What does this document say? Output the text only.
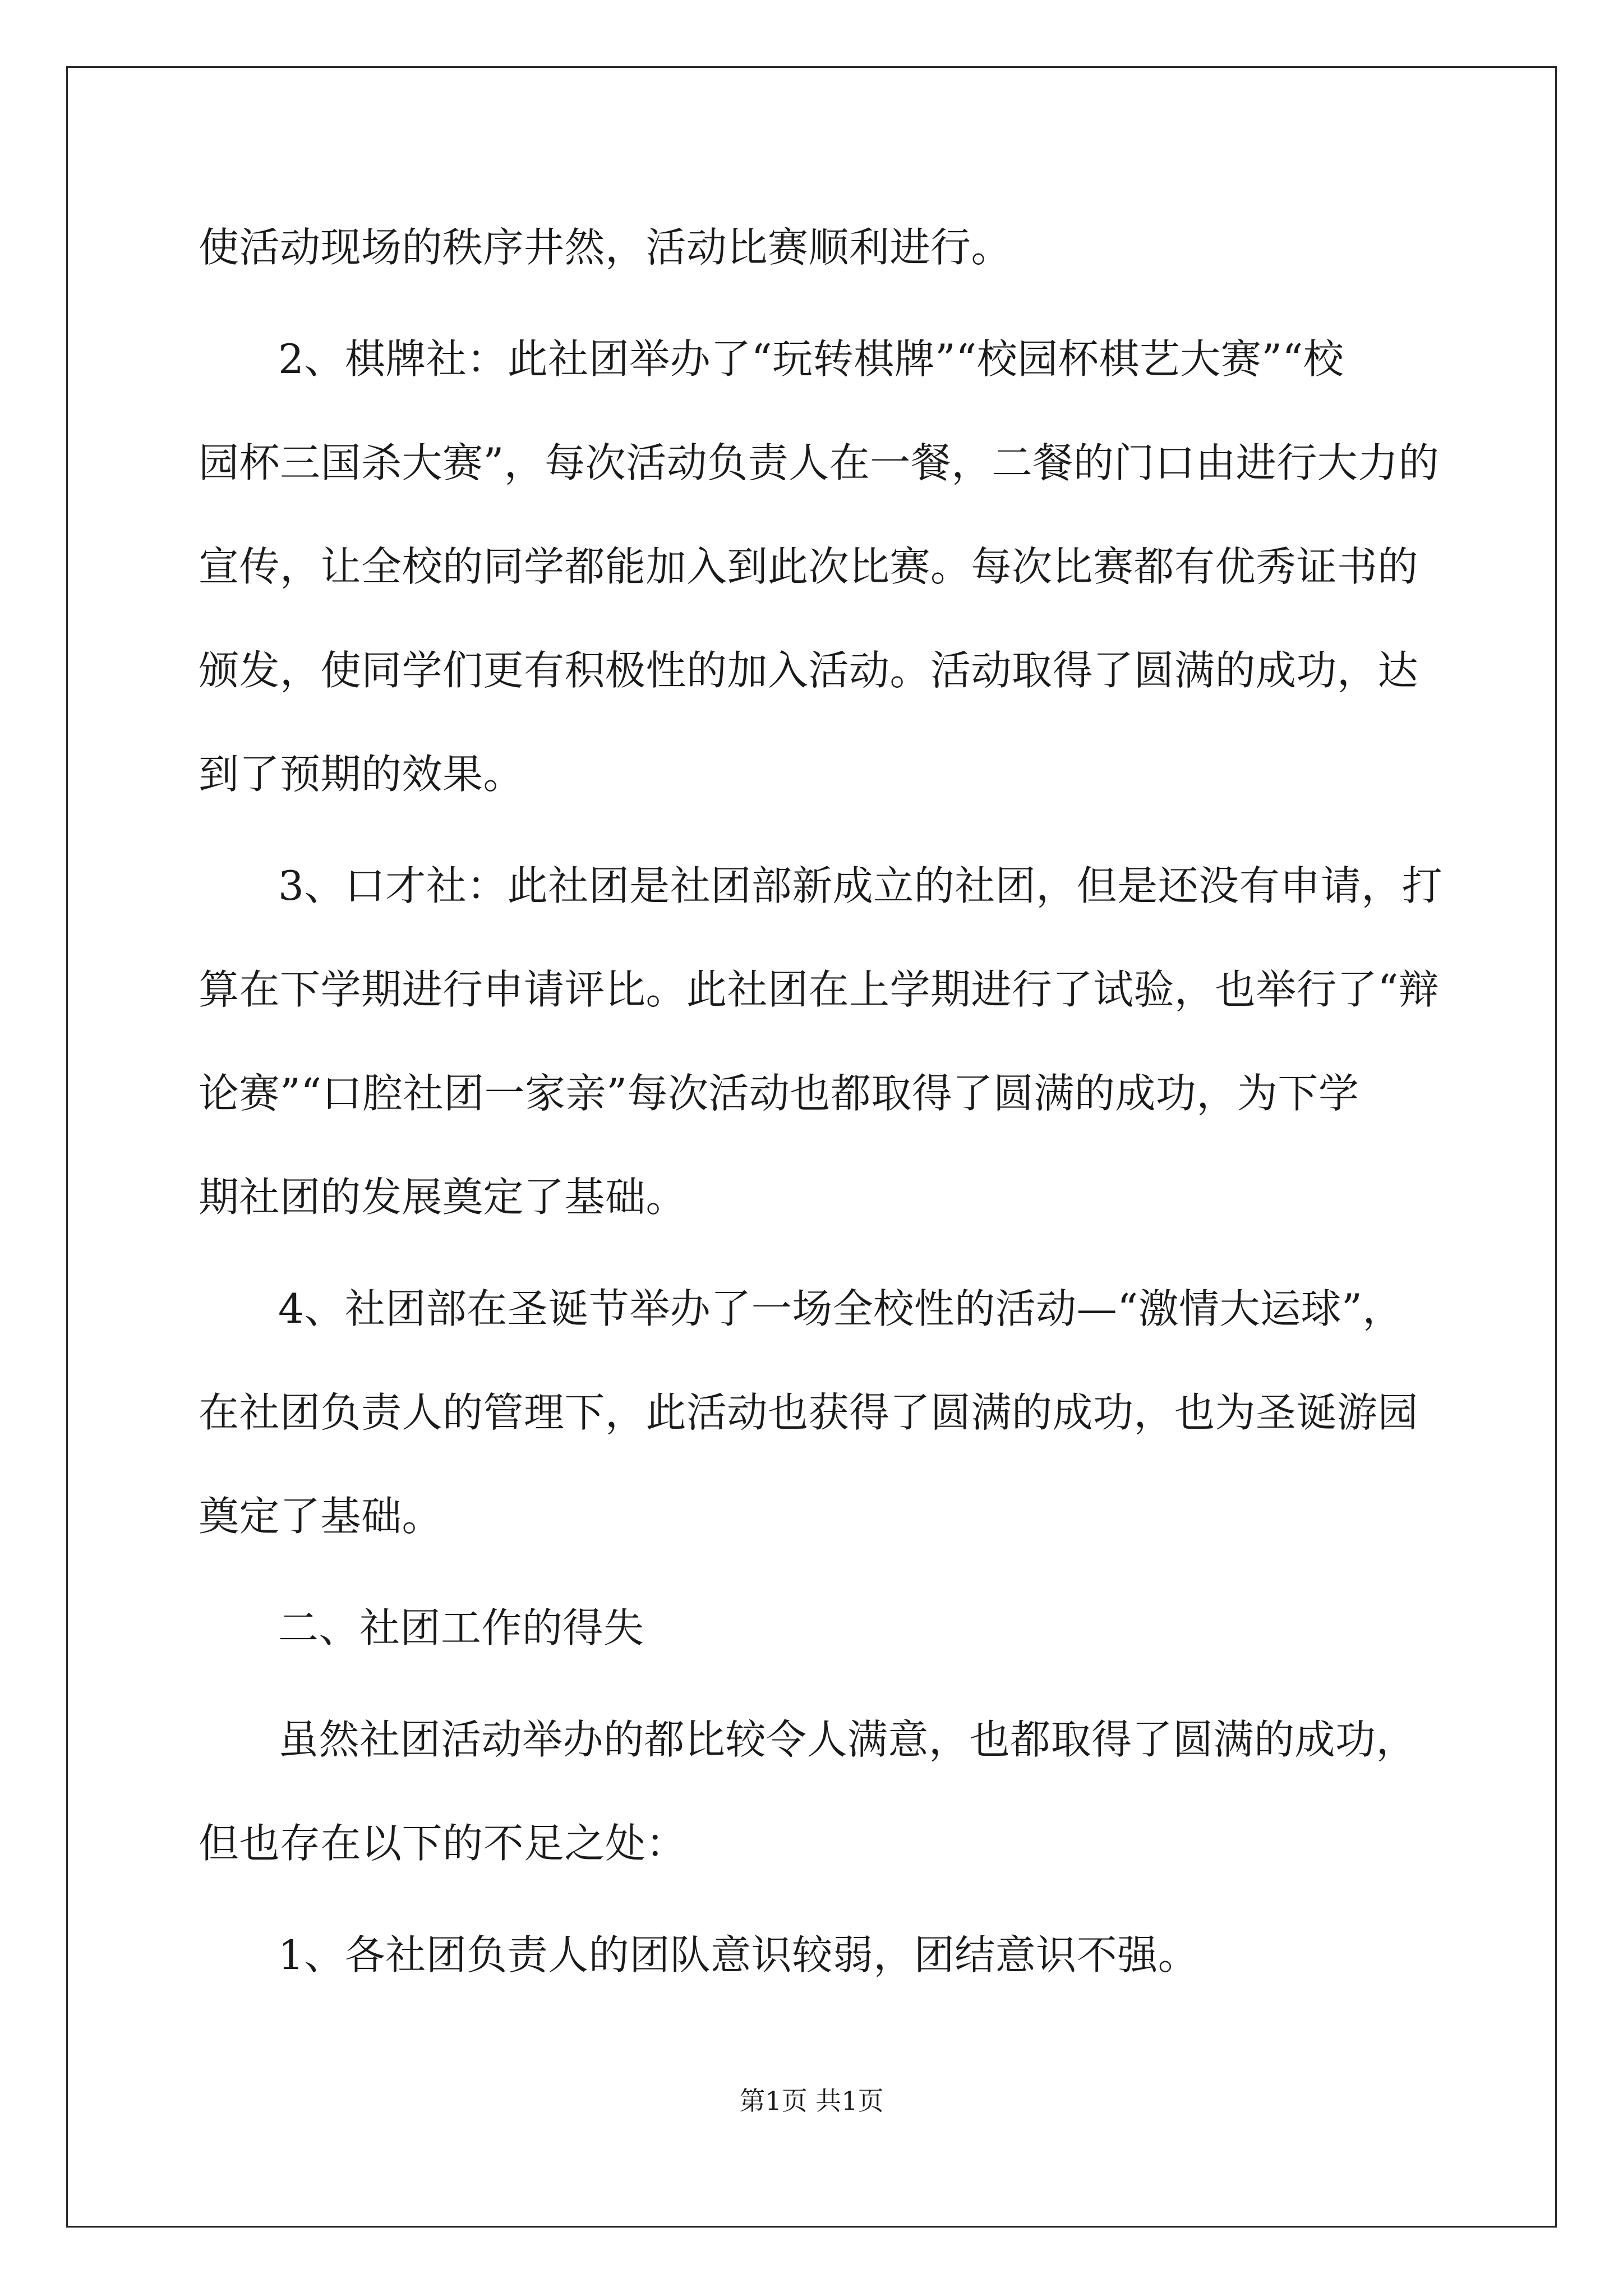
使活动现场的秩序井然，活动比赛顺利进行。
2、棋牌社：此社团举办了“玩转棋牌”“校园杯棋艺大赛”“校
园杯三国杀大赛”，每次活动负责人在一餐，二餐的门口由进行大力的
宣传，让全校的同学都能加入到此次比赛。每次比赛都有优秀证书的
颁发，使同学们更有积极性的加入活动。活动取得了圆满的成功，达
到了预期的效果。
3、口才社：此社团是社团部新成立的社团，但是还没有申请，打
算在下学期进行申请评比。此社团在上学期进行了试验，也举行了“辩
论赛”“口腔社团一家亲”每次活动也都取得了圆满的成功，为下学
期社团的发展奠定了基础。
4、社团部在圣诞节举办了一场全校性的活动—“激情大运球”，
在社团负责人的管理下，此活动也获得了圆满的成功，也为圣诞游园
奠定了基础。
二、社团工作的得失
虽然社团活动举办的都比较令人满意，也都取得了圆满的成功，
但也存在以下的不足之处：
1、各社团负责人的团队意识较弱，团结意识不强。
第1页 共1页
